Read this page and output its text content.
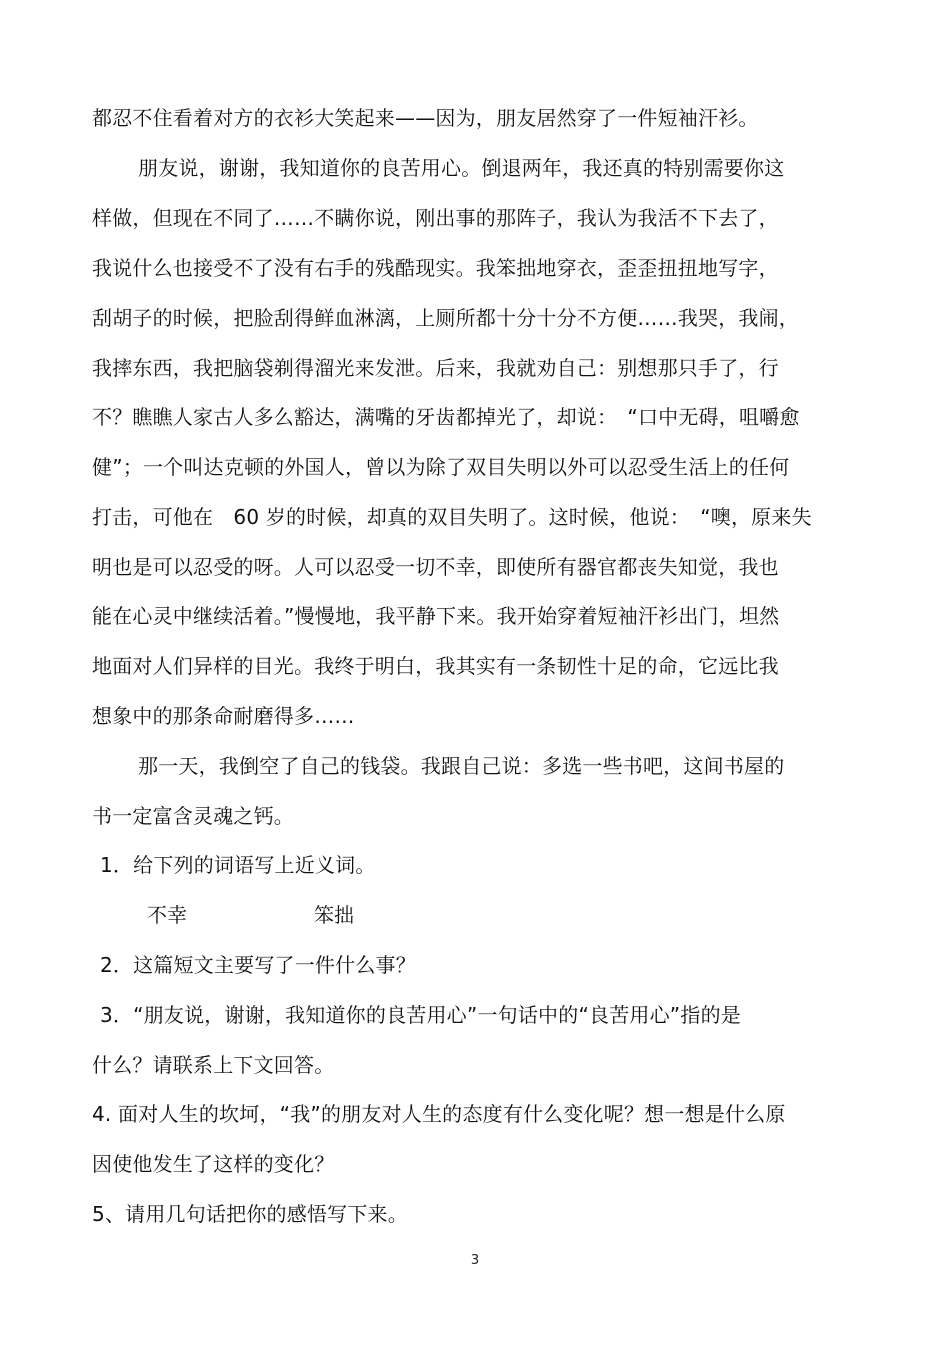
都忍不住看着对方的衣衫大笑起来——因为，朋友居然穿了一件短袖汗衫。
朋友说，谢谢，我知道你的良苦用心。倒退两年，我还真的特别需要你这
样做，但现在不同了……不瞒你说，刚出事的那阵子，我认为我活不下去了，
我说什么也接受不了没有右手的残酷现实。我笨拙地穿衣，歪歪扭扭地写字，
刮胡子的时候，把脸刮得鲜血淋漓，上厕所都十分十分不方便……我哭，我闹，
我摔东西，我把脑袋剃得溜光来发泄。后来，我就劝自己：别想那只手了，行
不？瞧瞧人家古人多么豁达，满嘴的牙齿都掉光了，却说：　“口中无碍，咀嚼愈
健”；一个叫达克顿的外国人，曾以为除了双目失明以外可以忍受生活上的任何
打击，可他在　60 岁的时候，却真的双目失明了。这时候，他说：　“噢，原来失
明也是可以忍受的呀。人可以忍受一切不幸，即使所有器官都丧失知觉，我也
能在心灵中继续活着。”慢慢地，我平静下来。我开始穿着短袖汗衫出门，坦然
地面对人们异样的目光。我终于明白，我其实有一条韧性十足的命，它远比我
想象中的那条命耐磨得多……
那一天，我倒空了自己的钱袋。我跟自己说：多选一些书吧，这间书屋的
书一定富含灵魂之钙。
1．给下列的词语写上近义词。
不幸	笨拙
2．这篇短文主要写了一件什么事？
3．“朋友说，谢谢，我知道你的良苦用心”一句话中的“良苦用心”指的是
什么？请联系上下文回答。
4. 面对人生的坎坷，“我”的朋友对人生的态度有什么变化呢？想一想是什么原
因使他发生了这样的变化？
5、请用几句话把你的感悟写下来。
3
